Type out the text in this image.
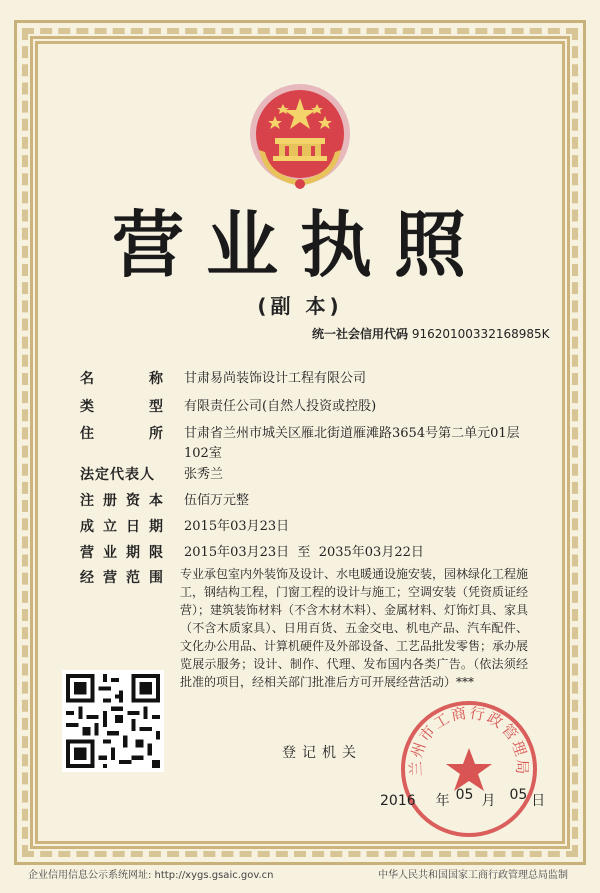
营业执照
(副 本)
统一社会信用代码 91620100332168985K
名	称 甘肃易尚装饰设计工程有限公司
类	型 有限责任公司(自然人投资或控股)
住	所 甘肃省兰州市城关区雁北街道雁滩路3654号第二单元01层102室
法定代表人	张秀兰
注 册 资 本 伍佰万元整
成 立 日 期 2015年03月23日
营 业 期 限 2015年03月23日  至  2035年03月22日
经 营 范 围 专业承包室内外装饰及设计、水电暖通设施安装，园林绿化工程施工，钢结构工程，门窗工程的设计与施工；空调安装（凭资质证经营）；建筑装饰材料（不含木材木料）、金属材料、灯饰灯具、家具（不含木质家具）、日用百货、五金交电、机电产品、汽车配件、文化办公用品、计算机硬件及外部设备、工艺品批发零售；承办展览展示服务；设计、制作、代理、发布国内各类广告。（依法须经批准的项目，经相关部门批准后方可开展经营活动）***
登记机关
兰州市工商行政管理局
2016 年 05 月 05 日
企业信用信息公示系统网址: http://xygs.gsaic.gov.cn	中华人民共和国国家工商行政管理总局监制
